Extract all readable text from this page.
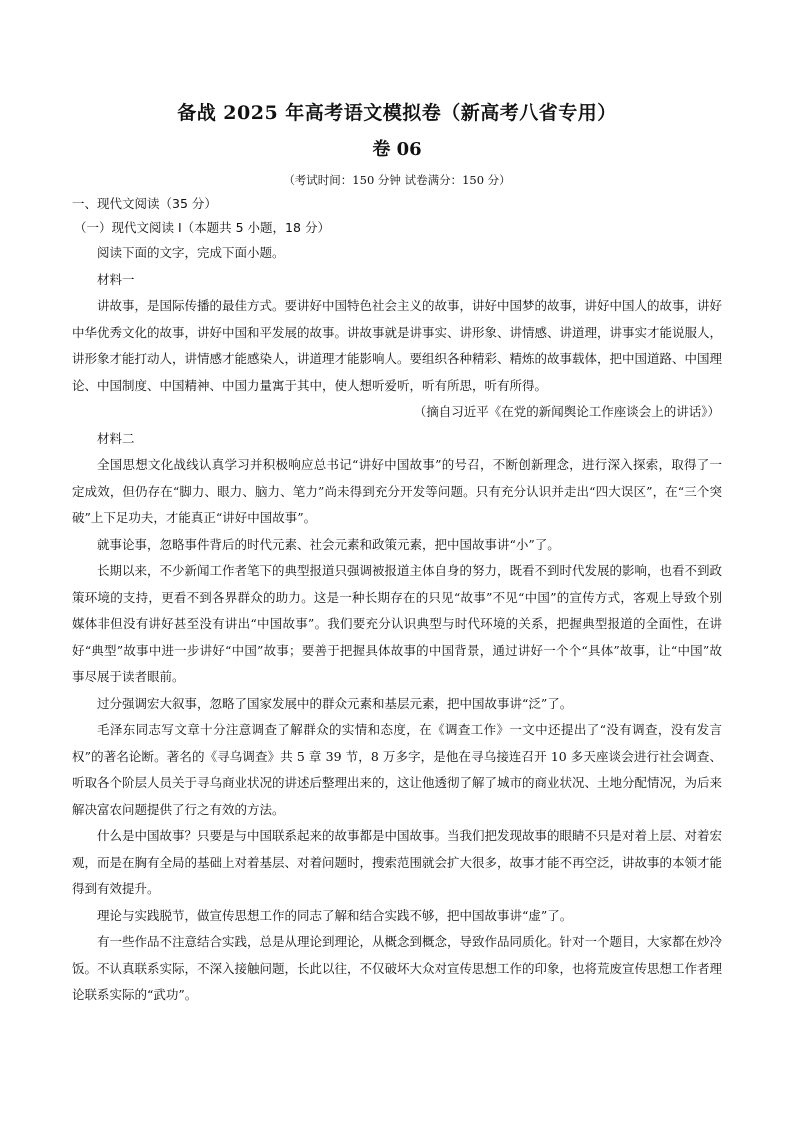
备战 2025 年高考语文模拟卷（新高考八省专用）
卷 06
（考试时间：150 分钟 试卷满分：150 分）
一、现代文阅读（35 分）
（一）现代文阅读 I（本题共 5 小题，18 分）

阅读下面的文字，完成下面小题。

材料一

讲故事，是国际传播的最佳方式。要讲好中国特色社会主义的故事，讲好中国梦的故事，讲好中国人的故事，讲好中华优秀文化的故事，讲好中国和平发展的故事。讲故事就是讲事实、讲形象、讲情感、讲道理，讲事实才能说服人，讲形象才能打动人，讲情感才能感染人，讲道理才能影响人。要组织各种精彩、精炼的故事载体，把中国道路、中国理论、中国制度、中国精神、中国力量寓于其中，使人想听爱听，听有所思，听有所得。

（摘自习近平《在党的新闻舆论工作座谈会上的讲话》）

材料二

全国思想文化战线认真学习并积极响应总书记“讲好中国故事”的号召，不断创新理念，进行深入探索，取得了一定成效，但仍存在“脚力、眼力、脑力、笔力”尚未得到充分开发等问题。只有充分认识并走出“四大误区”，在“三个突破”上下足功夫，才能真正“讲好中国故事”。

就事论事，忽略事件背后的时代元素、社会元素和政策元素，把中国故事讲“小”了。

长期以来，不少新闻工作者笔下的典型报道只强调被报道主体自身的努力，既看不到时代发展的影响，也看不到政策环境的支持，更看不到各界群众的助力。这是一种长期存在的只见“故事”不见“中国”的宣传方式，客观上导致个别媒体非但没有讲好甚至没有讲出“中国故事”。我们要充分认识典型与时代环境的关系，把握典型报道的全面性，在讲好“典型”故事中进一步讲好“中国”故事；要善于把握具体故事的中国背景，通过讲好一个个“具体”故事，让“中国”故事尽展于读者眼前。

过分强调宏大叙事，忽略了国家发展中的群众元素和基层元素，把中国故事讲“泛”了。

毛泽东同志写文章十分注意调查了解群众的实情和态度，在《调查工作》一文中还提出了“没有调查，没有发言权”的著名论断。著名的《寻乌调查》共 5 章 39 节，8 万多字，是他在寻乌接连召开 10 多天座谈会进行社会调查、听取各个阶层人员关于寻乌商业状况的讲述后整理出来的，这让他透彻了解了城市的商业状况、土地分配情况，为后来解决富农问题提供了行之有效的方法。

什么是中国故事？只要是与中国联系起来的故事都是中国故事。当我们把发现故事的眼睛不只是对着上层、对着宏观，而是在胸有全局的基础上对着基层、对着问题时，搜索范围就会扩大很多，故事才能不再空泛，讲故事的本领才能得到有效提升。

理论与实践脱节，做宣传思想工作的同志了解和结合实践不够，把中国故事讲“虚”了。

有一些作品不注意结合实践，总是从理论到理论，从概念到概念，导致作品同质化。针对一个题目，大家都在炒冷饭。不认真联系实际，不深入接触问题，长此以往，不仅破坏大众对宣传思想工作的印象，也将荒废宣传思想工作者理论联系实际的“武功”。
